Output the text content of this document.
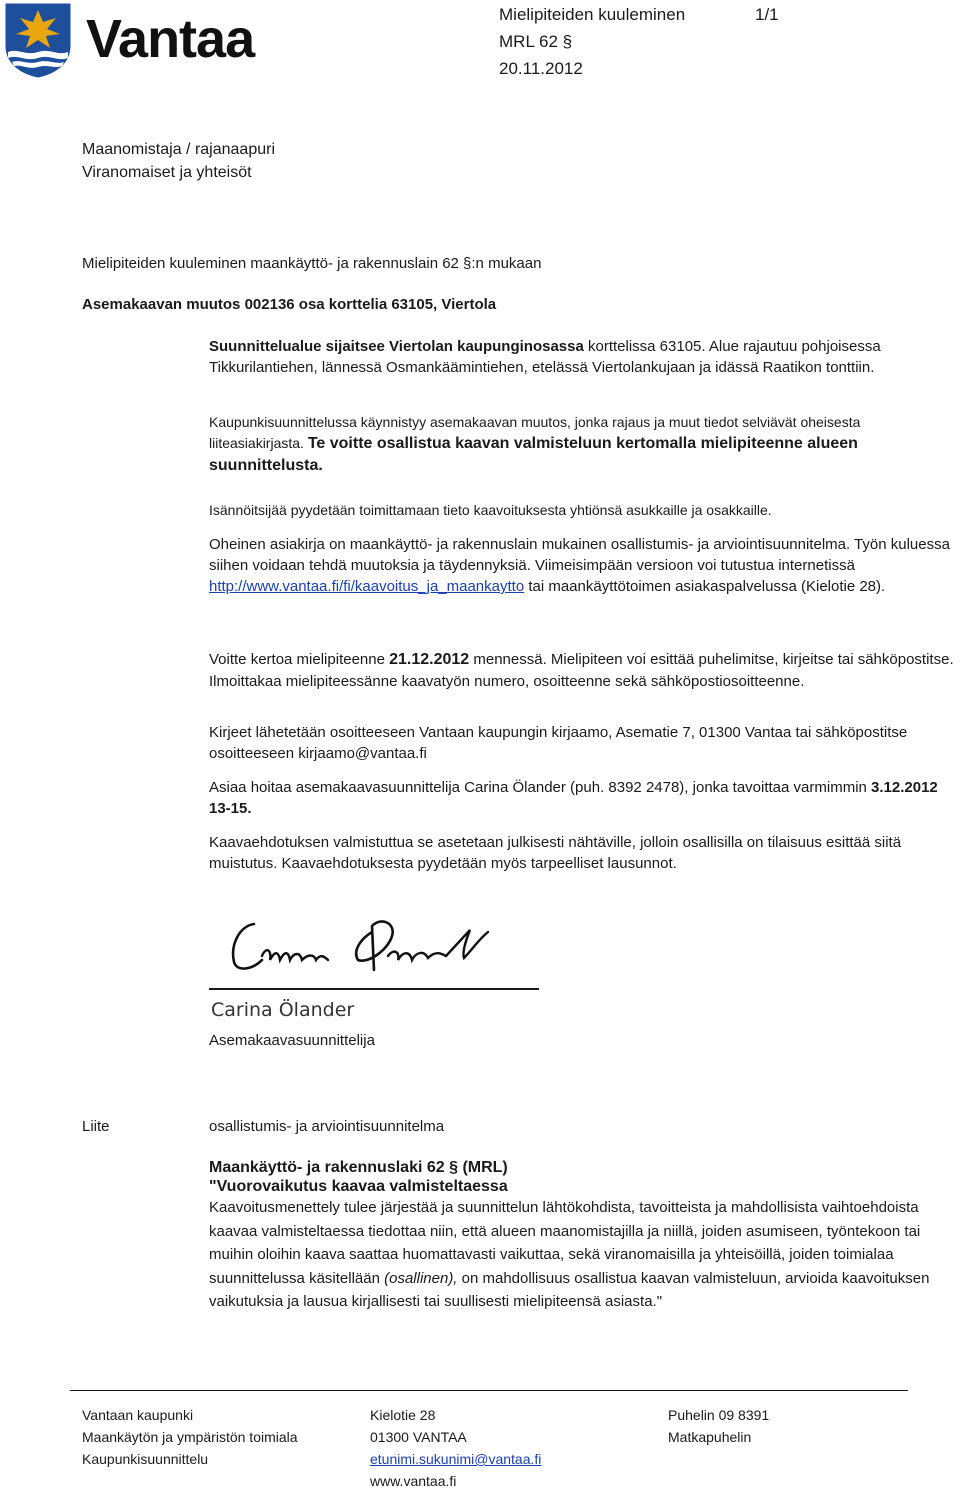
Vantaa	Mielipiteiden kuuleminen	1/1
MRL 62 §
20.11.2012
Maanomistaja / rajanaapuri
Viranomaiset ja yhteisöt
Mielipiteiden kuuleminen maankäyttö- ja rakennuslain 62 §:n mukaan
Asemakaavan muutos 002136 osa korttelia 63105, Viertola

Suunnittelualue sijaitsee Viertolan kaupunginosassa korttelissa 63105. Alue rajautuu pohjoisessa Tikkurilantiehen, lännessä Osmankäämintiehen, etelässä Viertolankujaan ja idässä Raatikon tonttiin.

Kaupunkisuunnittelussa käynnistyy asemakaavan muutos, jonka rajaus ja muut tiedot selviävät oheisesta liiteasiakirjasta. Te voitte osallistua kaavan valmisteluun kertomalla mielipiteenne alueen suunnittelusta.

Isännöitsijää pyydetään toimittamaan tieto kaavoituksesta yhtiönsä asukkaille ja osakkaille.

Oheinen asiakirja on maankäyttö- ja rakennuslain mukainen osallistumis- ja arviointisuunnitelma. Työn kuluessa siihen voidaan tehdä muutoksia ja täydennyksiä. Viimeisimpään versioon voi tutustua internetissä http://www.vantaa.fi/fi/kaavoitus_ja_maankaytto tai maankäyttötoimen asiakaspalvelussa (Kielotie 28).

Voitte kertoa mielipiteenne 21.12.2012 mennessä. Mielipiteen voi esittää puhelimitse, kirjeitse tai sähköpostitse. Ilmoittakaa mielipiteessänne kaavatyön numero, osoitteenne sekä sähköpostiosoitteenne.

Kirjeet lähetetään osoitteeseen Vantaan kaupungin kirjaamo, Asematie 7, 01300 Vantaa tai sähköpostitse osoitteeseen kirjaamo@vantaa.fi

Asiaa hoitaa asemakaavasuunnittelija Carina Ölander (puh. 8392 2478), jonka tavoittaa varmimmin 3.12.2012 13-15.

Kaavaehdotuksen valmistuttua se asetetaan julkisesti nähtäville, jolloin osallisilla on tilaisuus esittää siitä muistutus. Kaavaehdotuksesta pyydetään myös tarpeelliset lausunnot.

Carina Ölander
Asemakaavasuunnittelija
Liite	osallistumis- ja arviointisuunnitelma
Maankäyttö- ja rakennuslaki 62 § (MRL)
"Vuorovaikutus kaavaa valmisteltaessa

Kaavoitusmenettely tulee järjestää ja suunnittelun lähtökohdista, tavoitteista ja mahdollisista vaihtoehdoista kaavaa valmisteltaessa tiedottaa niin, että alueen maanomistajilla ja niillä, joiden asumiseen, työntekoon tai muihin oloihin kaava saattaa huomattavasti vaikuttaa, sekä viranomaisilla ja yhteisöillä, joiden toimialaa suunnittelussa käsitellään (osallinen), on mahdollisuus osallistua kaavan valmisteluun, arvioida kaavoituksen vaikutuksia ja lausua kirjallisesti tai suullisesti mielipiteensä asiasta."

Vantaan kaupunki
Maankäytön ja ympäristön toimiala
Kaupunkisuunnittelu
Kielotie 28
01300 VANTAA
etunimi.sukunimi@vantaa.fi
www.vantaa.fi
Puhelin 09 8391
Matkapuhelin
